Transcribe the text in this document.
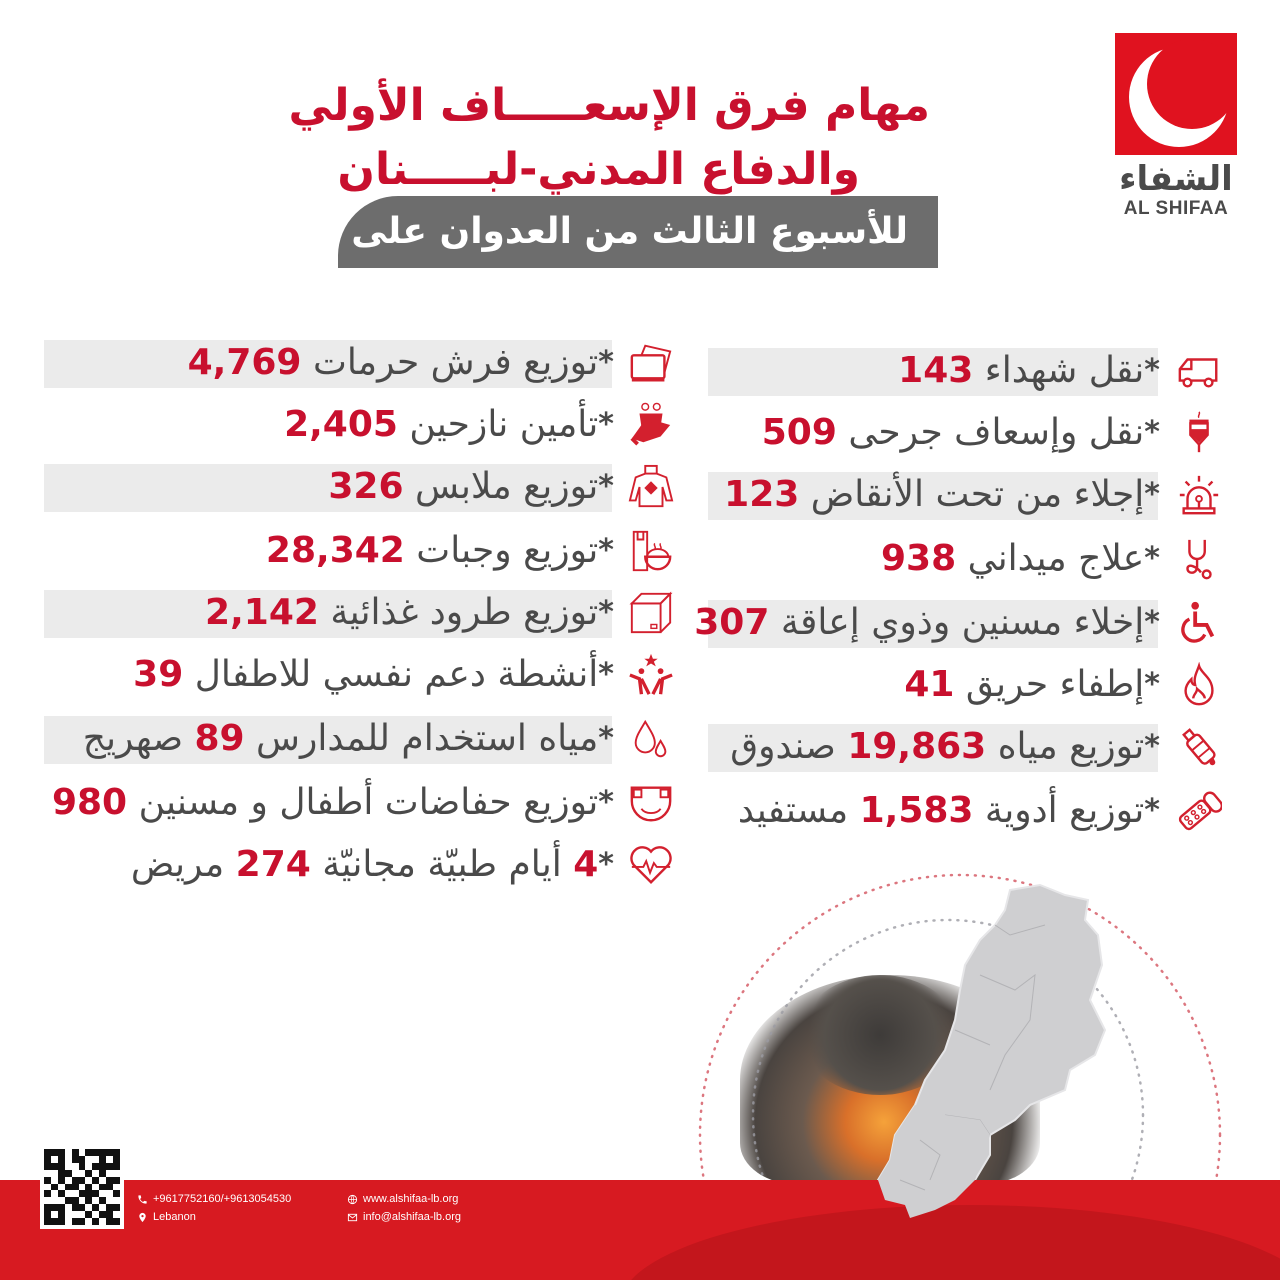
الشفاء
AL SHIFAA
مهام فرق الإسعـــــاف الأولي
والدفاع المدني-لبـــــنان
للأسبوع الثالث من العدوان على لبنان
*نقل شهداء 143
*نقل وإسعاف جرحى 509
*إجلاء من تحت الأنقاض 123
*علاج ميداني 938
*إخلاء مسنين وذوي إعاقة 307
*إطفاء حريق 41
*توزيع مياه 19,863 صندوق
*توزيع أدوية 1,583 مستفيد
*توزيع فرش حرمات 4,769
*تأمين نازحين 2,405
*توزيع ملابس 326
*توزيع وجبات 28,342
*توزيع طرود غذائية 2,142
*أنشطة دعم نفسي للاطفال 39
*مياه استخدام للمدارس 89 صهريج
*توزيع حفاضات أطفال و مسنين 980
*4 أيام طبيّة مجانيّة 274 مريض
+9617752160/+9613054530
Lebanon
www.alshifaa-lb.org
info@alshifaa-lb.org
